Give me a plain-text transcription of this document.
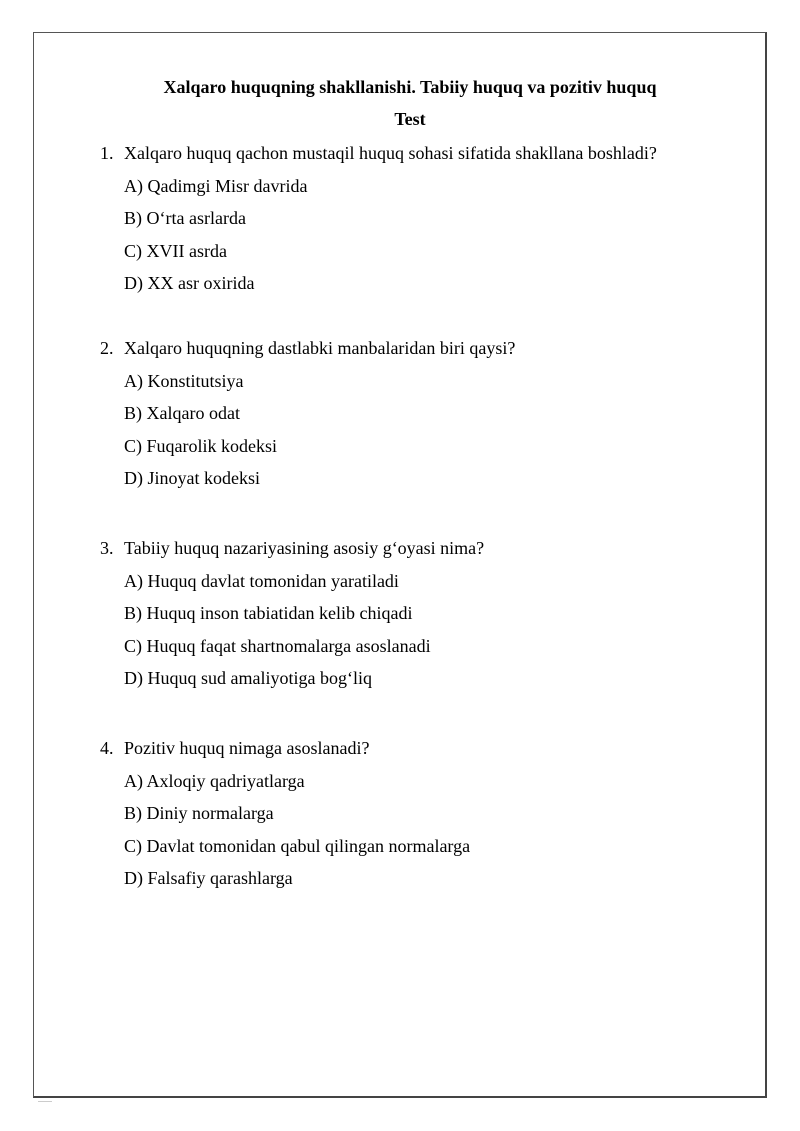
Xalqaro huquqning shakllanishi. Tabiiy huquq va pozitiv huquq
Test
1. Xalqaro huquq qachon mustaqil huquq sohasi sifatida shakllana boshladi?
A) Qadimgi Misr davrida
B) O‘rta asrlarda
C) XVII asrda
D) XX asr oxirida
2. Xalqaro huquqning dastlabki manbalaridan biri qaysi?
A) Konstitutsiya
B) Xalqaro odat
C) Fuqarolik kodeksi
D) Jinoyat kodeksi
3. Tabiiy huquq nazariyasining asosiy g‘oyasi nima?
A) Huquq davlat tomonidan yaratiladi
B) Huquq inson tabiatidan kelib chiqadi
C) Huquq faqat shartnomalarga asoslanadi
D) Huquq sud amaliyotiga bog‘liq
4. Pozitiv huquq nimaga asoslanadi?
A) Axloqiy qadriyatlarga
B) Diniy normalarga
C) Davlat tomonidan qabul qilingan normalarga
D) Falsafiy qarashlarga
